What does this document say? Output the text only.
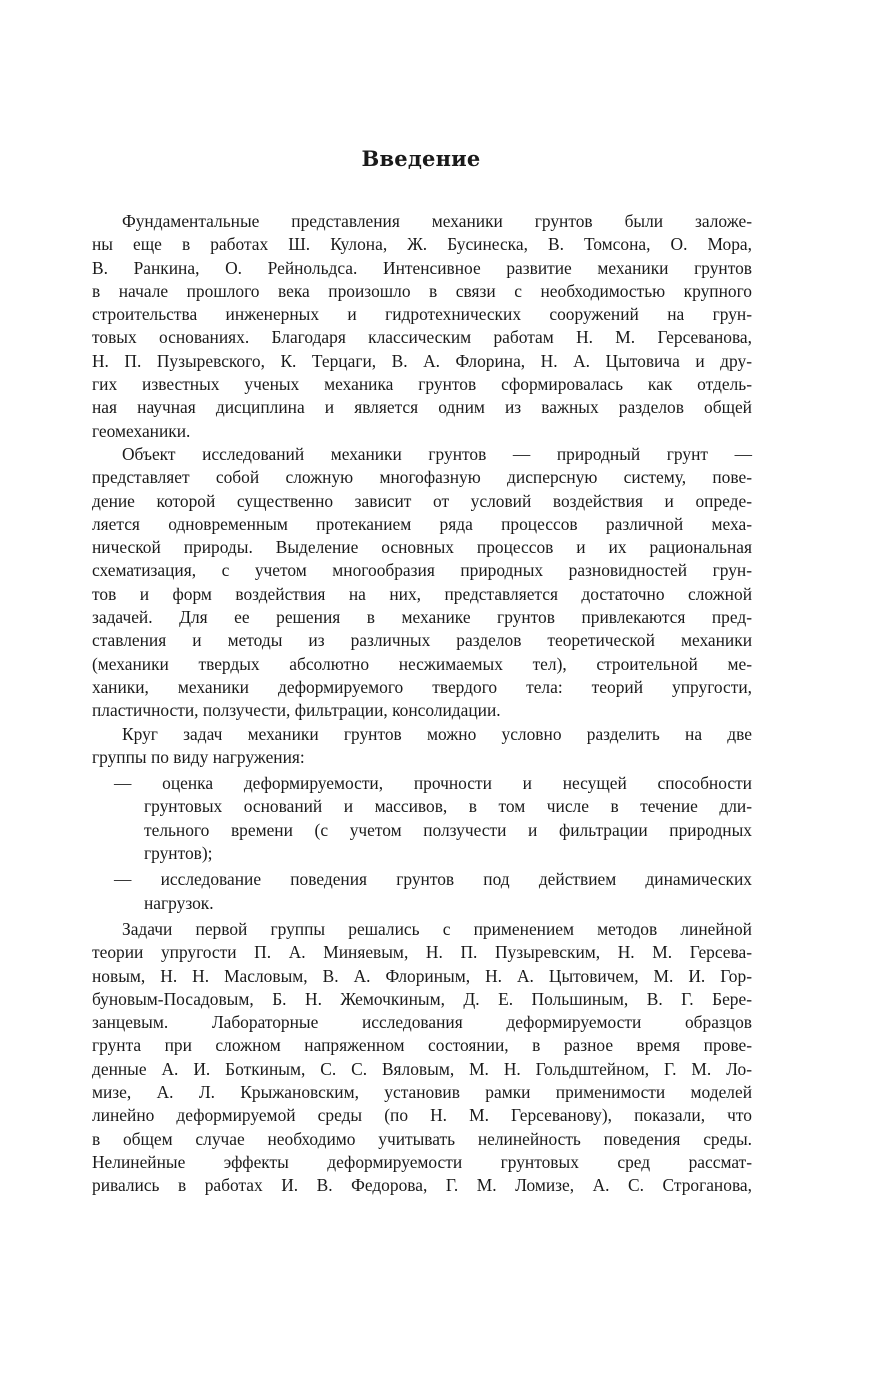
Введение
Фундаментальные представления механики грунтов были заложе-
ны еще в работах Ш. Кулона, Ж. Бусинеска, В. Томсона, О. Мора,
В. Ранкина, О. Рейнольдса. Интенсивное развитие механики грунтов
в начале прошлого века произошло в связи с необходимостью крупного
строительства инженерных и гидротехнических сооружений на грун-
товых основаниях. Благодаря классическим работам Н. М. Герсеванова,
Н. П. Пузыревского, К. Терцаги, В. А. Флорина, Н. А. Цытовича и дру-
гих известных ученых механика грунтов сформировалась как отдель-
ная научная дисциплина и является одним из важных разделов общей
геомеханики.
Объект исследований механики грунтов — природный грунт —
представляет собой сложную многофазную дисперсную систему, пове-
дение которой существенно зависит от условий воздействия и опреде-
ляется одновременным протеканием ряда процессов различной меха-
нической природы. Выделение основных процессов и их рациональная
схематизация, с учетом многообразия природных разновидностей грун-
тов и форм воздействия на них, представляется достаточно сложной
задачей. Для ее решения в механике грунтов привлекаются пред-
ставления и методы из различных разделов теоретической механики
(механики твердых абсолютно несжимаемых тел), строительной ме-
ханики, механики деформируемого твердого тела: теорий упругости,
пластичности, ползучести, фильтрации, консолидации.
Круг задач механики грунтов можно условно разделить на две
группы по виду нагружения:
— оценка деформируемости, прочности и несущей способности
грунтовых оснований и массивов, в том числе в течение дли-
тельного времени (с учетом ползучести и фильтрации природных
грунтов);
— исследование поведения грунтов под действием динамических
нагрузок.
Задачи первой группы решались с применением методов линейной
теории упругости П. А. Миняевым, Н. П. Пузыревским, Н. М. Герсева-
новым, Н. Н. Масловым, В. А. Флориным, Н. А. Цытовичем, М. И. Гор-
буновым-Посадовым, Б. Н. Жемочкиным, Д. Е. Польшиным, В. Г. Бере-
занцевым. Лабораторные исследования деформируемости образцов
грунта при сложном напряженном состоянии, в разное время прове-
денные А. И. Боткиным, С. С. Вяловым, М. Н. Гольдштейном, Г. М. Ло-
мизе, А. Л. Крыжановским, установив рамки применимости моделей
линейно деформируемой среды (по Н. М. Герсеванову), показали, что
в общем случае необходимо учитывать нелинейность поведения среды.
Нелинейные эффекты деформируемости грунтовых сред рассмат-
ривались в работах И. В. Федорова, Г. М. Ломизе, А. С. Строганова,
